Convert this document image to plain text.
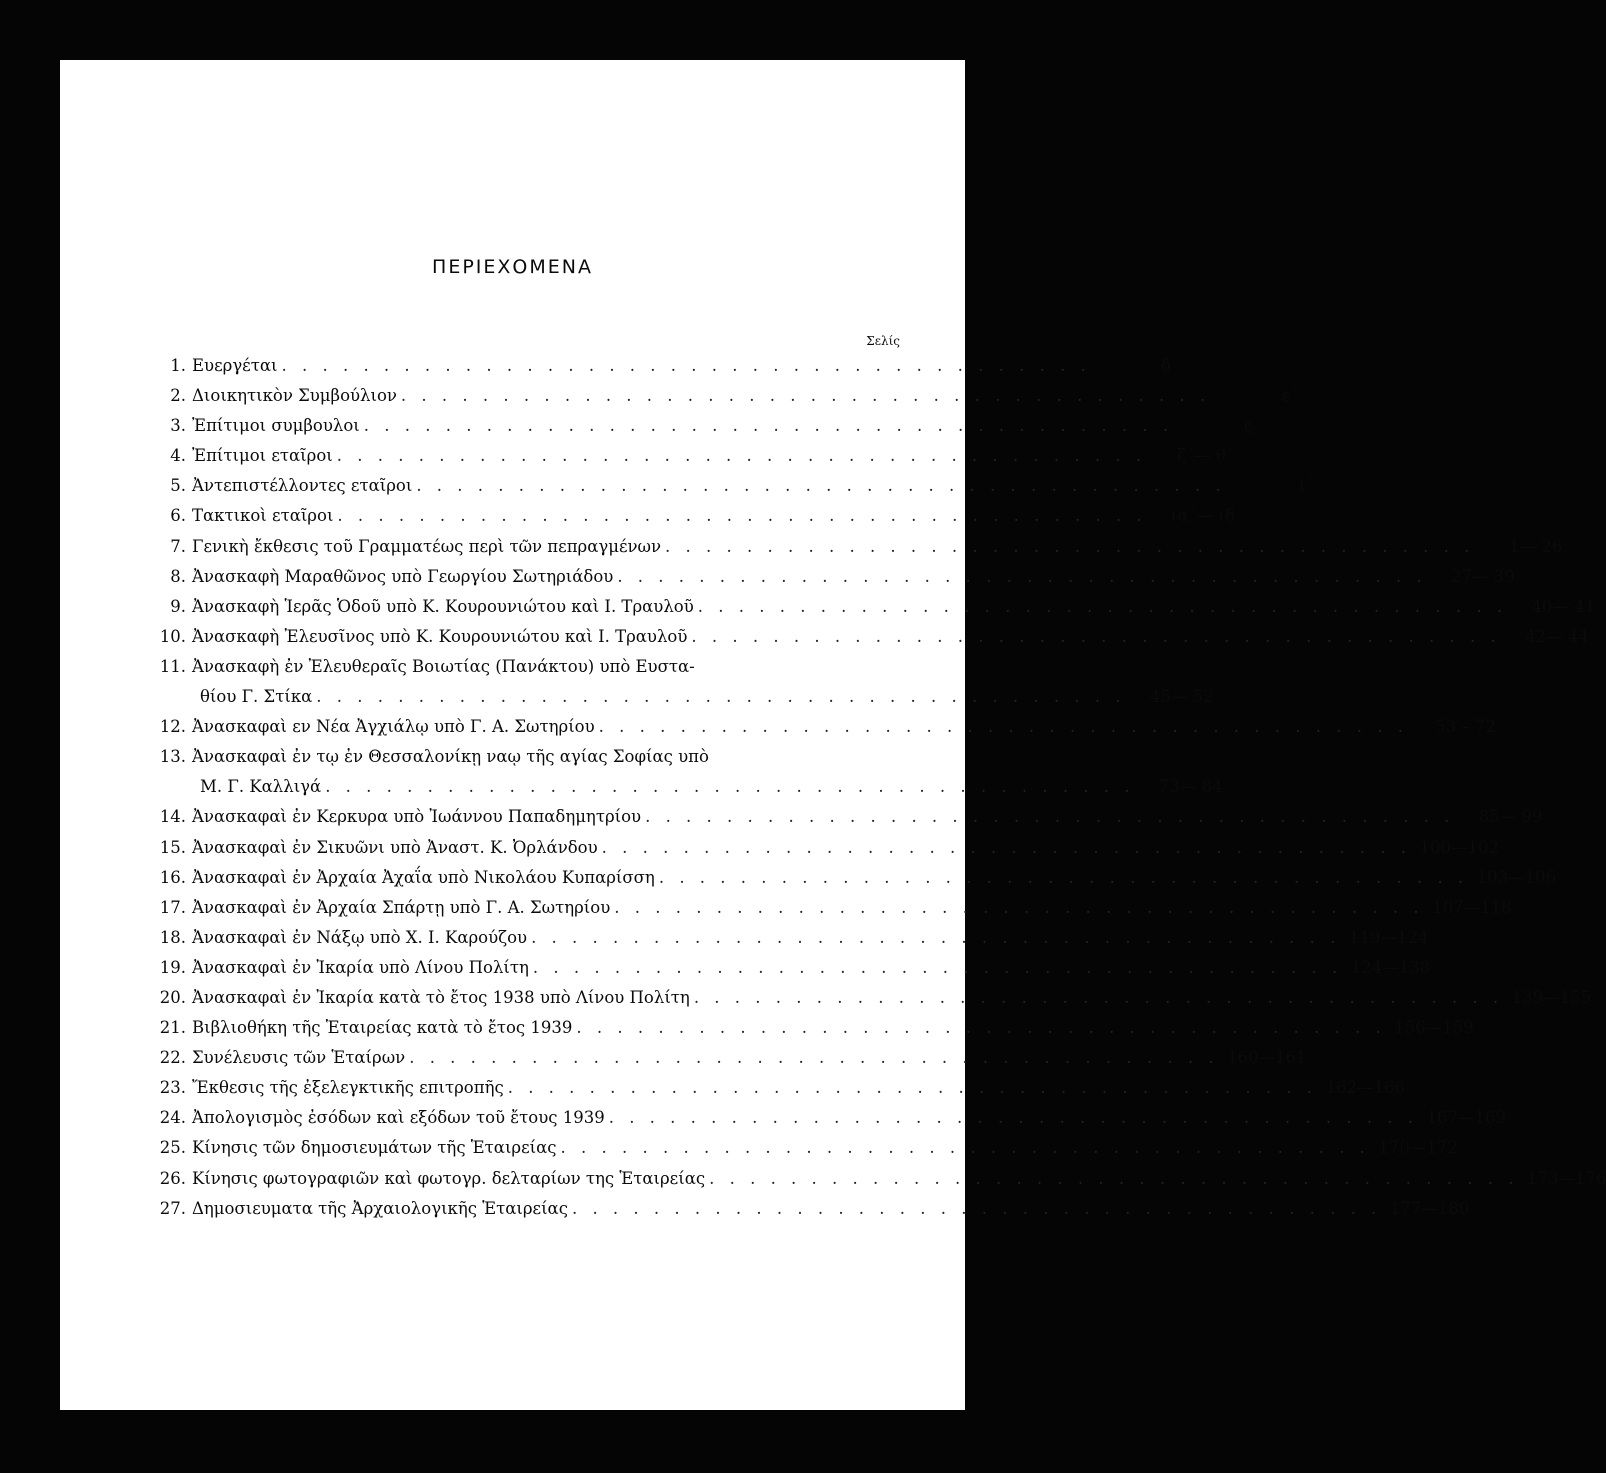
ΠΕΡΙΕΧΟΜΕΝΑ
Σελίς
1. Ευεργέται . . . . . . . . . . . . . . . . . . . . . . . . . . . . . . . . . . . . . . . .	δ΄
2. Διοικητικὸν Συμβούλιον . . . . . . . . . . . . . . . . . . . . . . . . . . . . . . . . . . . . . . . .	ε΄
3. Ἐπίτιμοι συμβουλοι . . . . . . . . . . . . . . . . . . . . . . . . . . . . . . . . . . . . . . . .	ς΄
4. Ἐπίτιμοι εταῖροι . . . . . . . . . . . . . . . . . . . . . . . . . . . . . . . . . . . . . . . .	ζ΄— θ΄
5. Ἀντεπιστέλλοντες εταῖροι . . . . . . . . . . . . . . . . . . . . . . . . . . . . . . . . . . . . . . . .	ι΄
6. Τακτικοὶ εταῖροι . . . . . . . . . . . . . . . . . . . . . . . . . . . . . . . . . . . . . . . .	ια΄— ιδ
7. Γενικὴ ἔκθεσις τοῦ Γραμματέως περὶ τῶν πεπραγμένων . . . . . . . . . . . . . . . . . . . . . . . . . . . . . . . . . . . . . . . .	1— 26
8. Ἀνασκαφὴ Μαραθῶνος υπὸ Γεωργίου Σωτηριάδου . . . . . . . . . . . . . . . . . . . . . . . . . . . . . . . . . . . . . . . .	27— 39
9. Ἀνασκαφὴ Ἱερᾶς Ὁδοῦ υπὸ Κ. Κουρουνιώτου καὶ Ι. Τραυλοῦ . . . . . . . . . . . . . . . . . . . . . . . . . . . . . . . . . . . . . . . .	40— 41
10. Ἀνασκαφὴ Ἐλευσῖνος υπὸ Κ. Κουρουνιώτου καὶ Ι. Τραυλοῦ . . . . . . . . . . . . . . . . . . . . . . . . . . . . . . . . . . . . . . . .	42— 44
11. Ἀνασκαφὴ ἐν Ἐλευθεραῖς Βοιωτίας (Πανάκτου) υπὸ Ευστα-
θίου Γ. Στίκα . . . . . . . . . . . . . . . . . . . . . . . . . . . . . . . . . . . . . . . .	45— 52
12. Ἀνασκαφαὶ εν Νέα Ἀγχιάλῳ υπὸ Γ. Α. Σωτηρίου . . . . . . . . . . . . . . . . . . . . . . . . . . . . . . . . . . . . . . . .	53 – 72
13. Ἀνασκαφαὶ ἐν τῳ ἐν Θεσσαλονίκῃ ναῳ τῆς αγίας Σοφίας υπὸ
Μ. Γ. Καλλιγά . . . . . . . . . . . . . . . . . . . . . . . . . . . . . . . . . . . . . . . .	73— 84
14. Ἀνασκαφαὶ ἐν Κερκυρα υπὸ Ἰωάννου Παπαδημητρίου . . . . . . . . . . . . . . . . . . . . . . . . . . . . . . . . . . . . . . . .	85— 99
15. Ἀνασκαφαὶ ἐν Σικυῶνι υπὸ Ἀναστ. Κ. Ὀρλάνδου . . . . . . . . . . . . . . . . . . . . . . . . . . . . . . . . . . . . . . . . 100—102
16. Ἀνασκαφαὶ ἐν Ἀρχαία Ἀχαΐα υπὸ Νικολάου Κυπαρίσση . . . . . . . . . . . . . . . . . . . . . . . . . . . . . . . . . . . . . . . . 103—106
17. Ἀνασκαφαὶ ἐν Ἀρχαία Σπάρτῃ υπὸ Γ. Α. Σωτηρίου . . . . . . . . . . . . . . . . . . . . . . . . . . . . . . . . . . . . . . . . 107—118
18. Ἀνασκαφαὶ ἐν Νάξῳ υπὸ Χ. Ι. Καρούζου . . . . . . . . . . . . . . . . . . . . . . . . . . . . . . . . . . . . . . . . 119—124
19. Ἀνασκαφαὶ ἐν Ἰκαρία υπὸ Λίνου Πολίτη . . . . . . . . . . . . . . . . . . . . . . . . . . . . . . . . . . . . . . . . 124—138
20. Ἀνασκαφαὶ ἐν Ἰκαρία κατὰ τὸ ἔτος 1938 υπὸ Λίνου Πολίτη . . . . . . . . . . . . . . . . . . . . . . . . . . . . . . . . . . . . . . . . 139—155
21. Βιβλιοθήκη τῆς Ἑταιρείας κατὰ τὸ ἔτος 1939 . . . . . . . . . . . . . . . . . . . . . . . . . . . . . . . . . . . . . . . . 156—159
22. Συνέλευσις τῶν Ἑταίρων . . . . . . . . . . . . . . . . . . . . . . . . . . . . . . . . . . . . . . . . 160—161
23. Ἔκθεσις τῆς ἐξελεγκτικῆς επιτροπῆς . . . . . . . . . . . . . . . . . . . . . . . . . . . . . . . . . . . . . . . . 162—166
24. Ἀπολογισμὸς ἐσόδων καὶ εξόδων τοῦ ἔτους 1939 . . . . . . . . . . . . . . . . . . . . . . . . . . . . . . . . . . . . . . . . 167—169
25. Κίνησις τῶν δημοσιευμάτων τῆς Ἑταιρείας . . . . . . . . . . . . . . . . . . . . . . . . . . . . . . . . . . . . . . . . 170—172
26. Κίνησις φωτογραφιῶν καὶ φωτογρ. δελταρίων της Ἑταιρείας . . . . . . . . . . . . . . . . . . . . . . . . . . . . . . . . . . . . . . . . 173—176
27. Δημοσιευματα τῆς Ἀρχαιολογικῆς Ἑταιρείας . . . . . . . . . . . . . . . . . . . . . . . . . . . . . . . . . . . . . . . . 177—180
